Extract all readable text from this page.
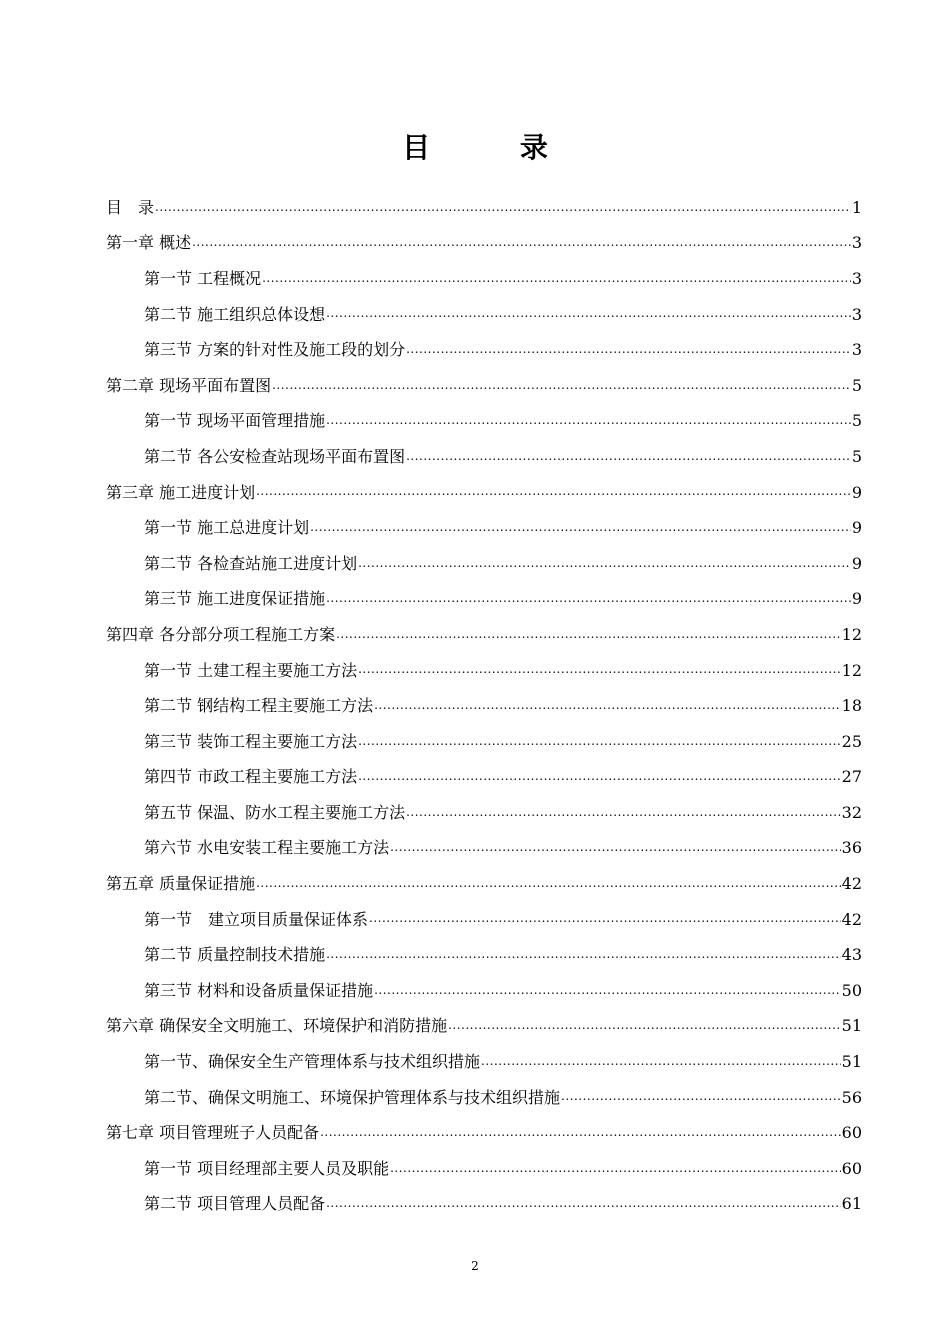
目 录
目　录 .....	1
第一章 概述 .....	3
第一节 工程概况 .....	3
第二节 施工组织总体设想 .....	3
第三节 方案的针对性及施工段的划分 .....	3
第二章 现场平面布置图 .....	5
第一节 现场平面管理措施 .....	5
第二节 各公安检查站现场平面布置图 .....	5
第三章 施工进度计划 .....	9
第一节 施工总进度计划 .....	9
第二节 各检查站施工进度计划 .....	9
第三节 施工进度保证措施 .....	9
第四章 各分部分项工程施工方案 .....	12
第一节 土建工程主要施工方法 .....	12
第二节 钢结构工程主要施工方法 .....	18
第三节 装饰工程主要施工方法 .....	25
第四节 市政工程主要施工方法 .....	27
第五节 保温、防水工程主要施工方法 .....	32
第六节 水电安装工程主要施工方法 .....	36
第五章 质量保证措施 .....	42
第一节　建立项目质量保证体系 .....	42
第二节 质量控制技术措施 .....	43
第三节 材料和设备质量保证措施 .....	50
第六章 确保安全文明施工、环境保护和消防措施 .....	51
第一节、确保安全生产管理体系与技术组织措施 .....	51
第二节、确保文明施工、环境保护管理体系与技术组织措施 .....	56
第七章 项目管理班子人员配备 .....	60
第一节 项目经理部主要人员及职能 .....	60
第二节 项目管理人员配备 .....	61
2
